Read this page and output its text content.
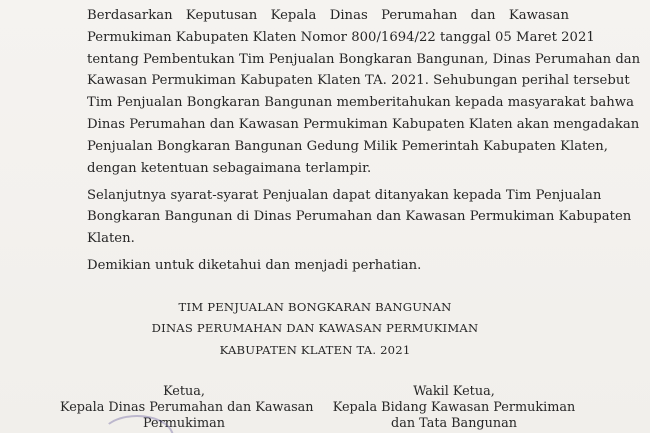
Berdasarkan Keputusan Kepala Dinas Perumahan dan Kawasan
Permukiman Kabupaten Klaten Nomor 800/1694/22 tanggal 05 Maret 2021
tentang Pembentukan Tim Penjualan Bongkaran Bangunan, Dinas Perumahan dan
Kawasan Permukiman Kabupaten Klaten TA. 2021. Sehubungan perihal tersebut
Tim Penjualan Bongkaran Bangunan memberitahukan kepada masyarakat bahwa
Dinas Perumahan dan Kawasan Permukiman Kabupaten Klaten akan mengadakan
Penjualan Bongkaran Bangunan Gedung Milik Pemerintah Kabupaten Klaten,
dengan ketentuan sebagaimana terlampir.

Selanjutnya syarat-syarat Penjualan dapat ditanyakan kepada Tim Penjualan
Bongkaran Bangunan di Dinas Perumahan dan Kawasan Permukiman Kabupaten
Klaten.

Demikian untuk diketahui dan menjadi perhatian.

TIM PENJUALAN BONGKARAN BANGUNAN
DINAS PERUMAHAN DAN KAWASAN PERMUKIMAN
KABUPATEN KLATEN TA. 2021
Ketua,
Kepala Dinas Perumahan dan Kawasan
Permukiman
Wakil Ketua,
Kepala Bidang Kawasan Permukiman
dan Tata Bangunan
